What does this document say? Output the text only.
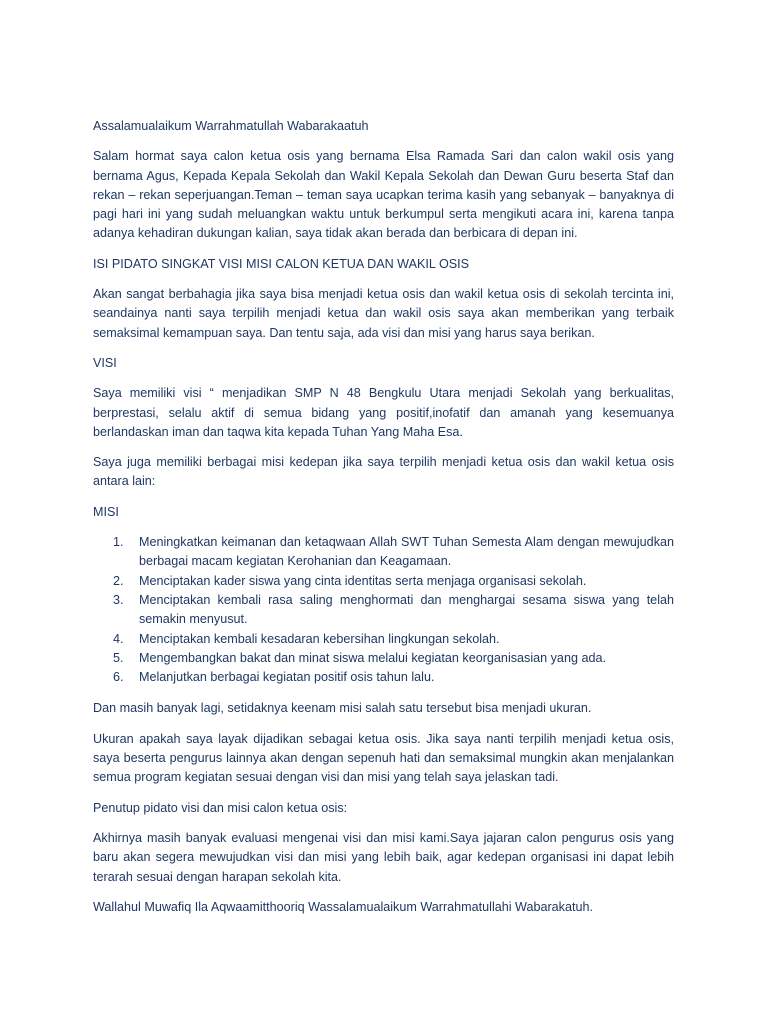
Assalamualaikum Warrahmatullah Wabarakaatuh

Salam hormat saya calon ketua osis yang bernama Elsa Ramada Sari dan calon wakil osis yang bernama Agus, Kepada Kepala Sekolah dan Wakil Kepala Sekolah dan Dewan Guru beserta Staf dan rekan – rekan seperjuangan.Teman – teman saya ucapkan terima kasih yang sebanyak – banyaknya di pagi hari ini yang sudah meluangkan waktu untuk berkumpul serta mengikuti acara ini, karena tanpa adanya kehadiran dukungan kalian, saya tidak akan berada dan berbicara di depan ini.

ISI PIDATO SINGKAT VISI MISI CALON KETUA DAN WAKIL OSIS

Akan sangat berbahagia jika saya bisa menjadi ketua osis dan wakil ketua osis di sekolah tercinta ini, seandainya nanti saya terpilih menjadi ketua dan wakil osis saya akan memberikan yang terbaik semaksimal kemampuan saya. Dan tentu saja, ada visi dan misi yang harus saya berikan.

VISI

Saya memiliki visi “ menjadikan SMP N 48 Bengkulu Utara menjadi Sekolah yang berkualitas, berprestasi, selalu aktif di semua bidang yang positif,inofatif dan amanah yang kesemuanya berlandaskan iman dan taqwa kita kepada Tuhan Yang Maha Esa.

Saya juga memiliki berbagai misi kedepan jika saya terpilih menjadi ketua osis dan wakil ketua osis antara lain:

MISI

1. Meningkatkan keimanan dan ketaqwaan Allah SWT Tuhan Semesta Alam dengan mewujudkan berbagai macam kegiatan Kerohanian dan Keagamaan.
2. Menciptakan kader siswa yang cinta identitas serta menjaga organisasi sekolah.
3. Menciptakan kembali rasa saling menghormati dan menghargai sesama siswa yang telah semakin menyusut.
4. Menciptakan kembali kesadaran kebersihan lingkungan sekolah.
5. Mengembangkan bakat dan minat siswa melalui kegiatan keorganisasian yang ada.
6. Melanjutkan berbagai kegiatan positif osis tahun lalu.

Dan masih banyak lagi, setidaknya keenam misi salah satu tersebut bisa menjadi ukuran.

Ukuran apakah saya layak dijadikan sebagai ketua osis. Jika saya nanti terpilih menjadi ketua osis, saya beserta pengurus lainnya akan dengan sepenuh hati dan semaksimal mungkin akan menjalankan semua program kegiatan sesuai dengan visi dan misi yang telah saya jelaskan tadi.

Penutup pidato visi dan misi calon ketua osis:

Akhirnya masih banyak evaluasi mengenai visi dan misi kami.Saya jajaran calon pengurus osis yang baru akan segera mewujudkan visi dan misi yang lebih baik, agar kedepan organisasi ini dapat lebih terarah sesuai dengan harapan sekolah kita.

Wallahul Muwafiq Ila Aqwaamitthooriq Wassalamualaikum Warrahmatullahi Wabarakatuh.
